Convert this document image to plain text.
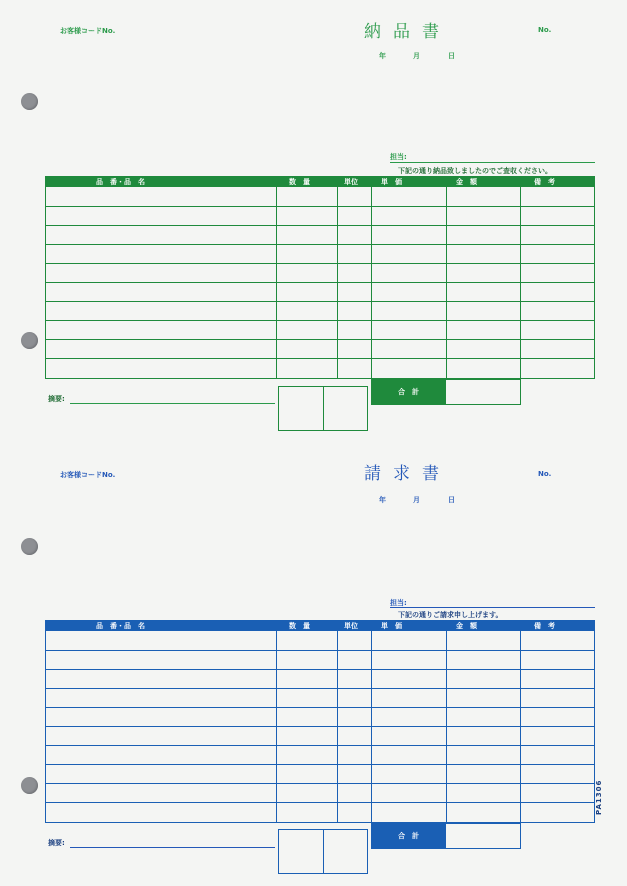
お客様コードNo.	納品書	No.
年	月	日
担当:
下記の通り納品致しましたのでご査収ください。
品　番・品　名	数　量	単位	単　価	金　額	備　考
摘要:
合　計
お客様コードNo.	請求書	No.
年	月	日
担当:
下記の通りご請求申し上げます。
品　番・品　名	数　量	単位	単　価	金　額	備　考
摘要:
合　計
PA1306
